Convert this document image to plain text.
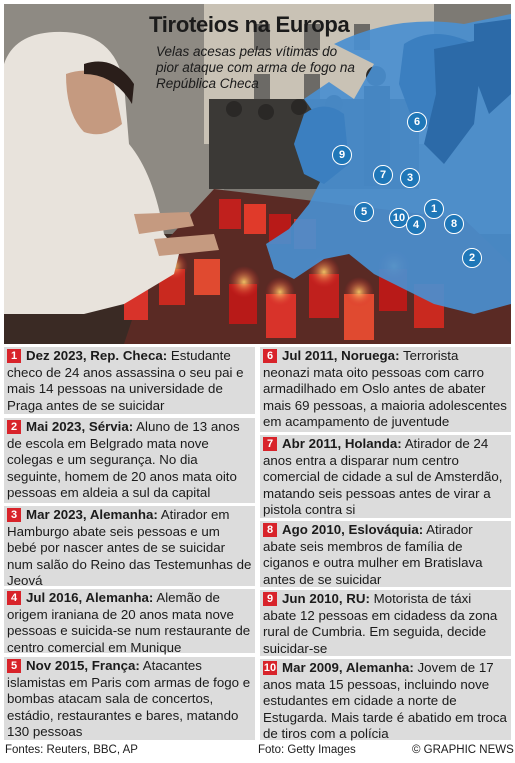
Tiroteios na Europa
Velas acesas pelas vítimas do pior ataque com arma de fogo na República Checa
6
9
7	3
5	10
1
4	8
2
1 Dez 2023, Rep. Checa: Estudante checo de 24 anos assassina o seu pai e mais 14 pessoas na universidade de Praga antes de se suicidar
2 Mai 2023, Sérvia: Aluno de 13 anos de escola em Belgrado mata nove colegas e um segurança. No dia seguinte, homem de 20 anos mata oito pessoas em aldeia a sul da capital
3 Mar 2023, Alemanha: Atirador em Hamburgo abate seis pessoas e um bebé por nascer antes de se suicidar num salão do Reino das Testemunhas de Jeová
4 Jul 2016, Alemanha: Alemão de origem iraniana de 20 anos mata nove pessoas e suicida-se num restaurante de centro comercial em Munique
5 Nov 2015, França: Atacantes islamistas em Paris com armas de fogo e bombas atacam sala de concertos, estádio, restaurantes e bares, matando 130 pessoas
6 Jul 2011, Noruega: Terrorista neonazi mata oito pessoas com carro armadilhado em Oslo antes de abater mais 69 pessoas, a maioria adolescentes em acampamento de juventude
7 Abr 2011, Holanda: Atirador de 24 anos entra a disparar num centro comercial de cidade a sul de Amsterdão, matando seis pessoas antes de virar a pistola contra si
8 Ago 2010, Eslováquia: Atirador abate seis membros de família de ciganos e outra mulher em Bratislava antes de se suicidar
9 Jun 2010, RU: Motorista de táxi abate 12 pessoas em cidadess da zona rural de Cumbria. Em seguida, decide suicidar-se
10 Mar 2009, Alemanha: Jovem de 17 anos mata 15 pessoas, incluindo nove estudantes em cidade a norte de Estugarda. Mais tarde é abatido em troca de tiros com a polícia
Fontes: Reuters, BBC, AP	Foto: Getty Images	© GRAPHIC NEWS
